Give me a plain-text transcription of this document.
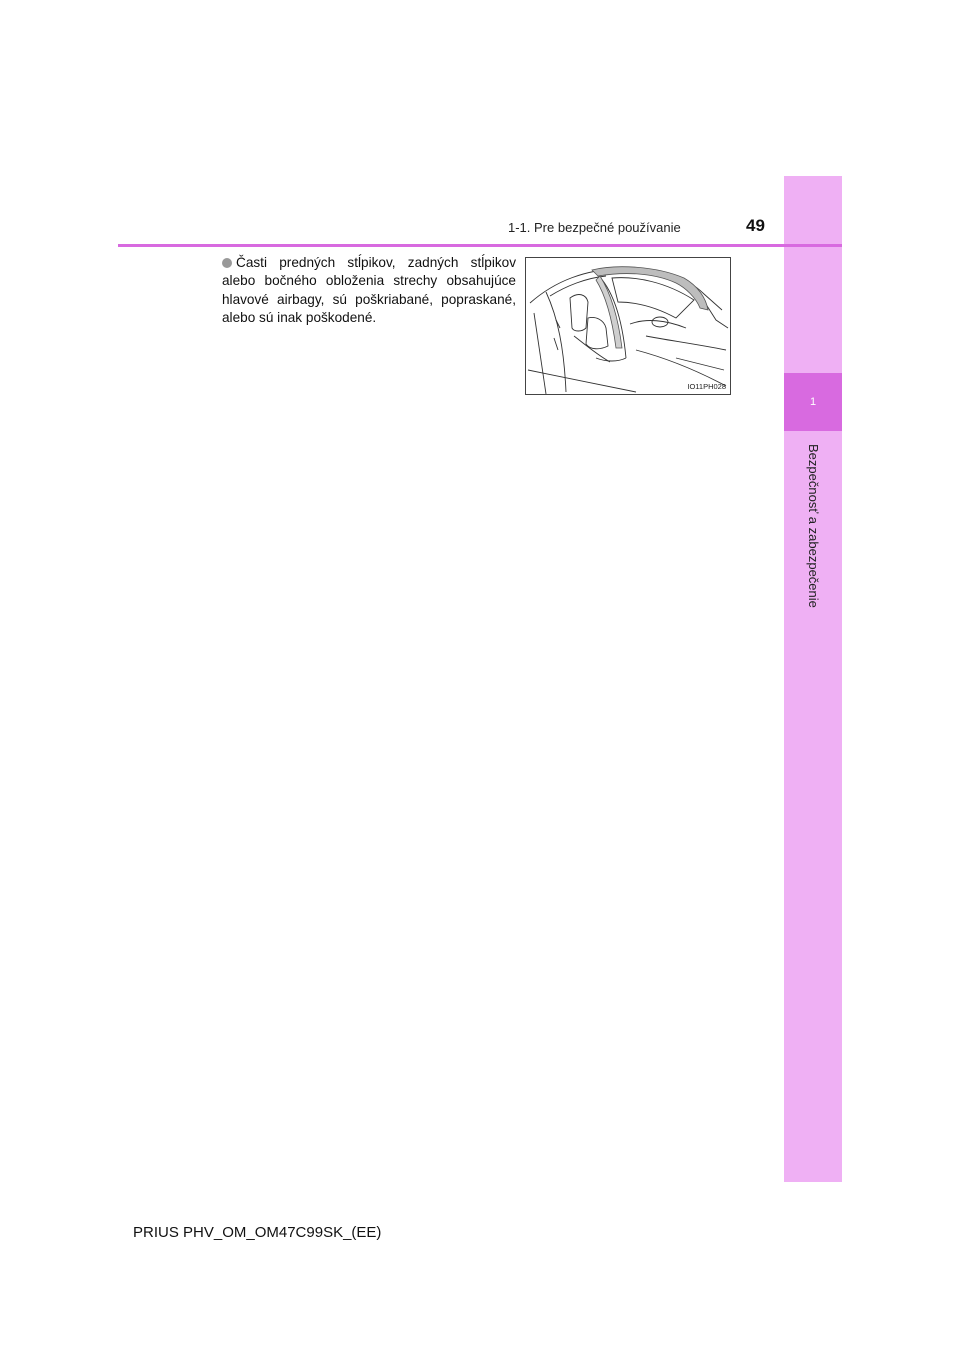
1
Bezpečnosť a zabezpečenie
1-1. Pre bezpečné používanie	49
Časti predných stĺpikov, zadných stĺpikov alebo bočného obloženia strechy obsahujúce hlavové airbagy, sú poškriabané, popraskané, alebo sú inak poškodené.
IO11PH028
PRIUS PHV_OM_OM47C99SK_(EE)
